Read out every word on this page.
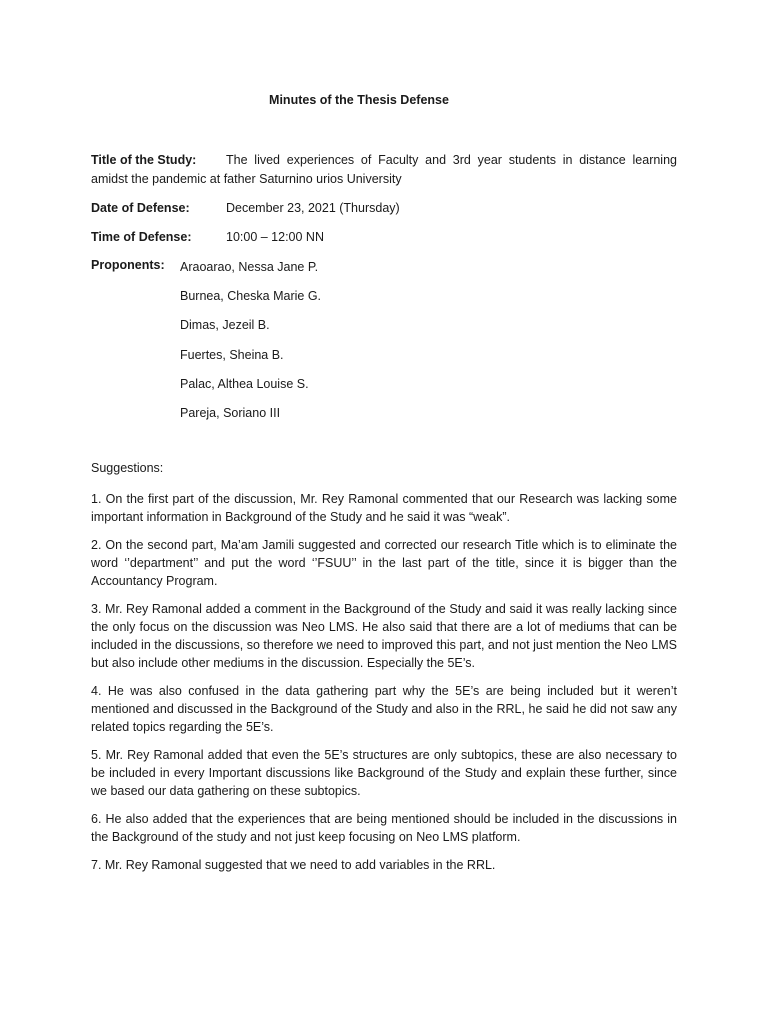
Minutes of the Thesis Defense
Title of the Study: The lived experiences of Faculty and 3rd year students in distance learning amidst the pandemic at father Saturnino urios University
Date of Defense:	December 23, 2021 (Thursday)
Time of Defense:	10:00 – 12:00 NN
Proponents: Araoarao, Nessa Jane P.
Burnea, Cheska Marie G.
Dimas, Jezeil B.
Fuertes, Sheina B.
Palac, Althea Louise S.
Pareja, Soriano III
Suggestions:
1. On the first part of the discussion, Mr. Rey Ramonal commented that our Research was lacking some important information in Background of the Study and he said it was “weak”.
2. On the second part, Ma’am Jamili suggested and corrected our research Title which is to eliminate the word ‘’department’’ and put the word ‘’FSUU’’ in the last part of the title, since it is bigger than the Accountancy Program.
3. Mr. Rey Ramonal added a comment in the Background of the Study and said it was really lacking since the only focus on the discussion was Neo LMS. He also said that there are a lot of mediums that can be included in the discussions, so therefore we need to improved this part, and not just mention the Neo LMS but also include other mediums in the discussion. Especially the 5E’s.
4. He was also confused in the data gathering part why the 5E’s are being included but it weren’t mentioned and discussed in the Background of the Study and also in the RRL, he said he did not saw any related topics regarding the 5E’s.
5. Mr. Rey Ramonal added that even the 5E’s structures are only subtopics, these are also necessary to be included in every Important discussions like Background of the Study and explain these further, since we based our data gathering on these subtopics.
6. He also added that the experiences that are being mentioned should be included in the discussions in the Background of the study and not just keep focusing on Neo LMS platform.
7. Mr. Rey Ramonal suggested that we need to add variables in the RRL.
